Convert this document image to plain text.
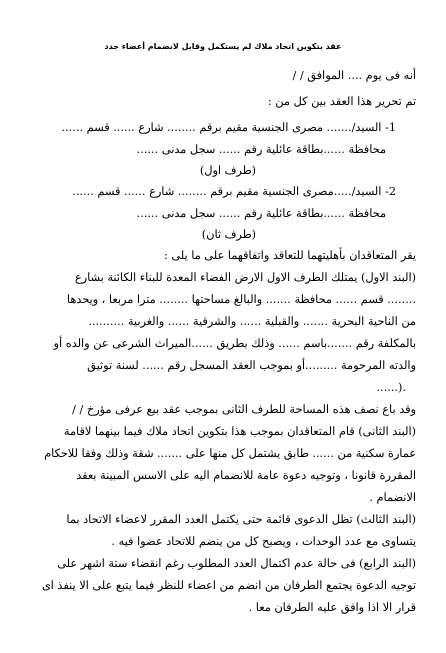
عقد بتكوين اتحاد ملاك لم يستكمل وقابل لانضمام أعضاء جدد
أنه فى يوم .... الموافق / /
تم تحرير هذا العقد بين كل من :
1- السيد/....... مصرى الجنسية مقيم برقم ........ شارع ...... قسم ......
محافظة ......بطاقة عائلية رقم ...... سجل مدنى ......
(طرف اول)
2- السيد/.....مصرى الجنسية مقيم برقم ........ شارع ...... قسم ......
محافظة ......بطاقة عائلية رقم ...... سجل مدنى ......
(طرف ثان)
يقر المتعاقدان بأهليتهما للتعاقد واتفاقهما على ما يلى :
(البند الاول) يمتلك الطرف الاول الارض الفضاء المعدة للبناء الكائنة بشارع
........ قسم ...... محافظة ....... والبالغ مساحتها ........ مترا مربعا ، ويحدها
من الناحية البحرية ....... والقبلية ...... والشرقية ...... والغربية ..........
بالمكلفة رقم .......باسم ...... وذلك بطريق ......الميراث الشرعى عن والده أو
والدته المرحومة .........أو بموجب العقد المسجل رقم ...... لسنة توثيق
......).
وقد باع نصف هذه المساحة للطرف الثانى بموجب عقد بيع عرفى مؤرخ / /
(البند الثانى) قام المتعاقدان بموجب هذا بتكوين اتحاد ملاك فيما بينهما لاقامة
عمارة سكنية من ...... طابق يشتمل كل منها على ....... شقة وذلك وفقا للاحكام
المقررة قانونا ، وتوجيه دعوة عامة للانضمام اليه على الاسس المبينة بعقد
الانضمام .
(البند الثالث) تظل الدعوى قائمة حتى يكتمل العدد المقرر لاعضاء الاتحاد بما
يتساوى مع عدد الوحدات ، ويصبح كل من ينضم للاتحاد عضوا فيه .
(البند الرابع) فى حالة عدم اكتمال العدد المطلوب رغم انقضاء ستة اشهر على
توجيه الدعوة يجتمع الطرفان من انضم من اعضاء للنظر فيما يتبع على الا ينفذ اى
قرار الا اذا وافق عليه الطرفان معا .
